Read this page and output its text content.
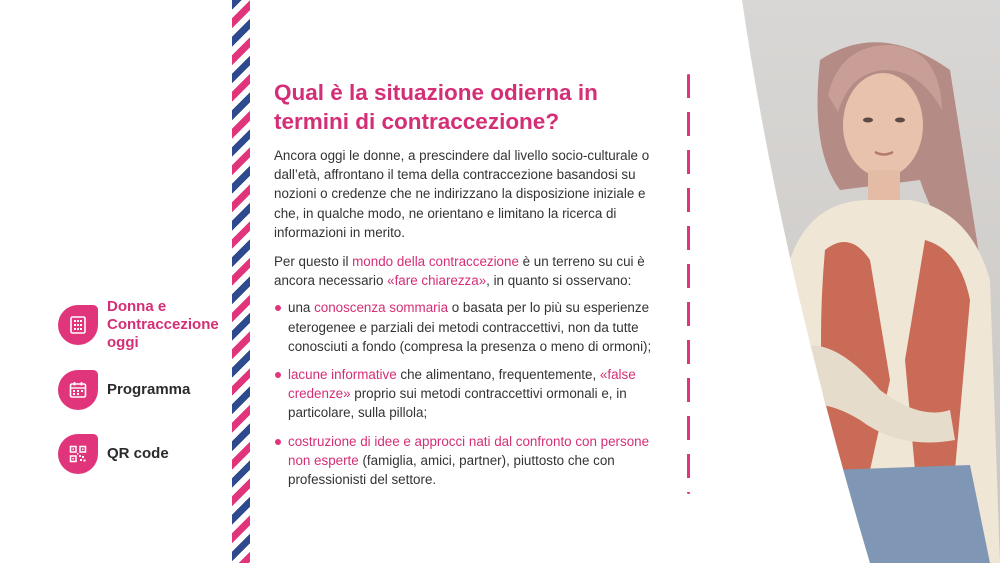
Donna e Contraccezione oggi
Programma
QR code
Qual è la situazione odierna in termini di contraccezione?

Ancora oggi le donne, a prescindere dal livello socio-culturale o dall’età, affrontano il tema della contraccezione basandosi su nozioni o credenze che ne indirizzano la disposizione iniziale e che, in qualche modo, ne orientano e limitano la ricerca di informazioni in merito.

Per questo il mondo della contraccezione è un terreno su cui è ancora necessario «fare chiarezza», in quanto si osservano:

una conoscenza sommaria o basata per lo più su esperienze eterogenee e parziali dei metodi contraccettivi, non da tutte conosciuti a fondo (compresa la presenza o meno di ormoni);
lacune informative che alimentano, frequentemente, «false credenze» proprio sui metodi contraccettivi ormonali e, in particolare, sulla pillola;
costruzione di idee e approcci nati dal confronto con persone non esperte (famiglia, amici, partner), piuttosto che con professionisti del settore.
